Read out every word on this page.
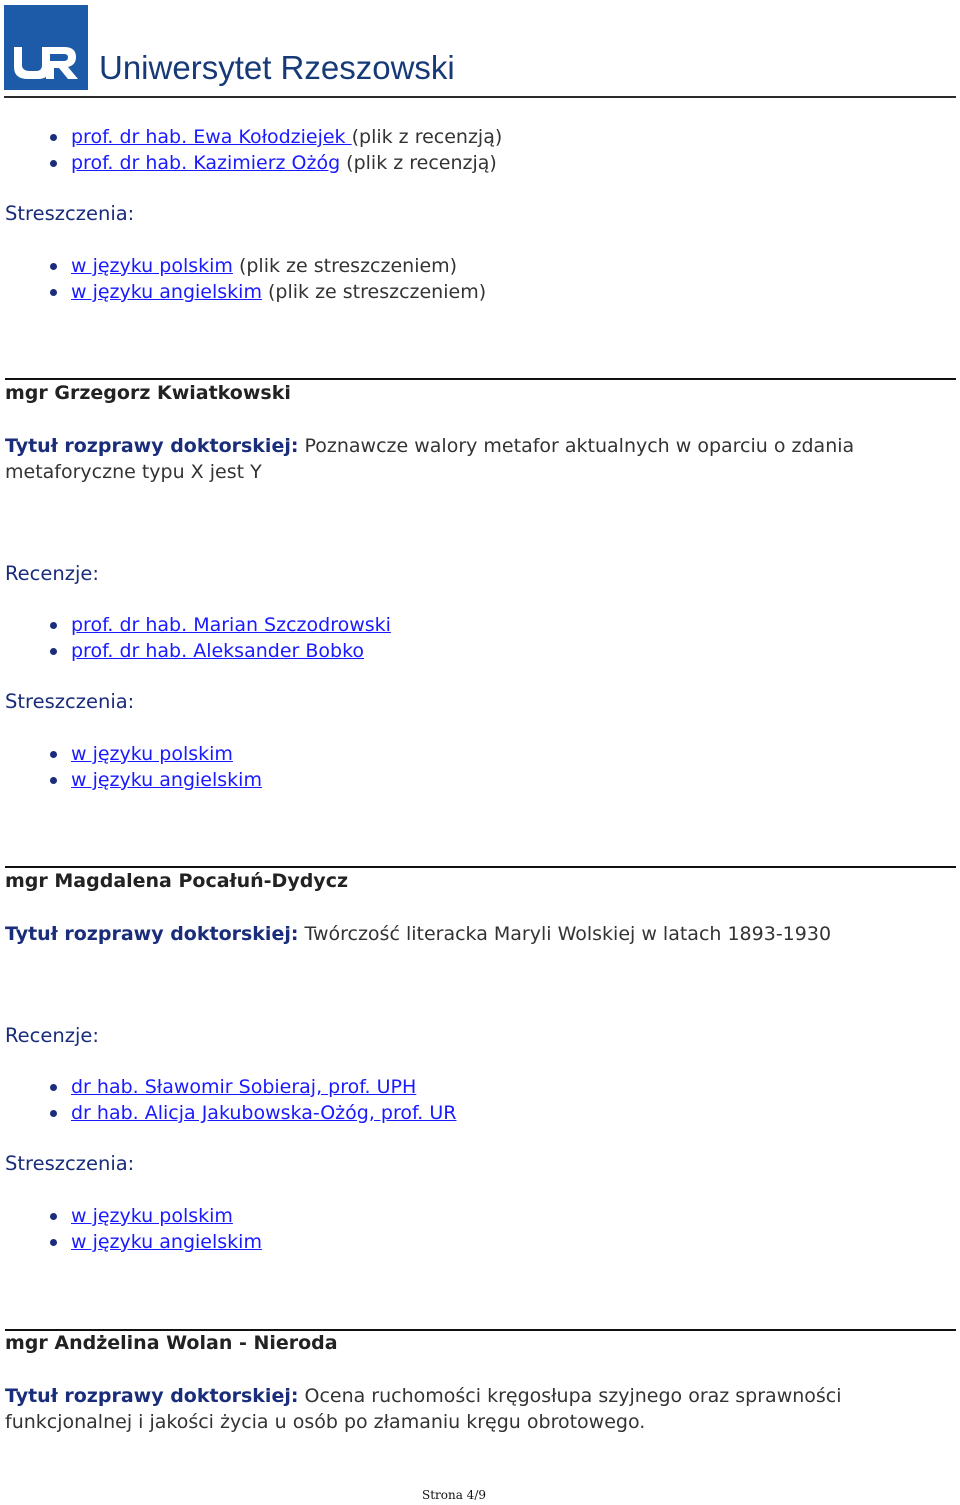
Uniwersytet Rzeszowski
prof. dr hab. Ewa Kołodziejek (plik z recenzją)
prof. dr hab. Kazimierz Ożóg (plik z recenzją)
Streszczenia:
w języku polskim (plik ze streszczeniem)
w języku angielskim (plik ze streszczeniem)
mgr Grzegorz Kwiatkowski
Tytuł rozprawy doktorskiej: Poznawcze walory metafor aktualnych w oparciu o zdania metaforyczne typu X jest Y
Recenzje:
prof. dr hab. Marian Szczodrowski
prof. dr hab. Aleksander Bobko
Streszczenia:
w języku polskim
w języku angielskim
mgr Magdalena Pocałuń-Dydycz
Tytuł rozprawy doktorskiej: Twórczość literacka Maryli Wolskiej w latach 1893-1930
Recenzje:
dr hab. Sławomir Sobieraj, prof. UPH
dr hab. Alicja Jakubowska-Ożóg, prof. UR
Streszczenia:
w języku polskim
w języku angielskim
mgr Andżelina Wolan - Nieroda
Tytuł rozprawy doktorskiej: Ocena ruchomości kręgosłupa szyjnego oraz sprawności funkcjonalnej i jakości życia u osób po złamaniu kręgu obrotowego.
Strona 4/9
